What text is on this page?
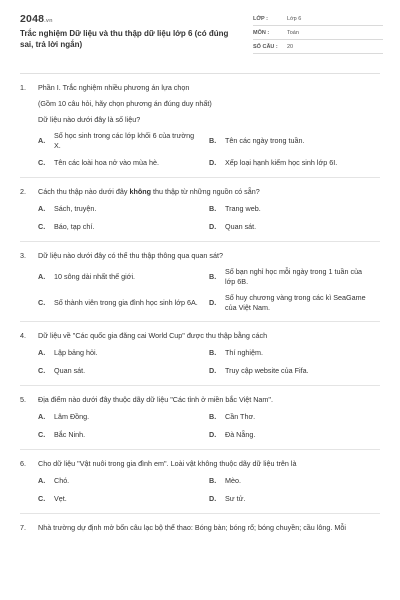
2048.vn
Trắc nghiệm Dữ liệu và thu thập dữ liệu lớp 6 (có đúng sai, trả lời ngắn)
LỚP :	Lớp 6
MÔN :	Toán
SỐ CÂU :	20
1.	Phần I. Trắc nghiệm nhiều phương án lựa chọn
(Gồm 10 câu hỏi, hãy chọn phương án đúng duy nhất)
Dữ liệu nào dưới đây là số liệu?
A.
Số học sinh trong các lớp khối 6 của trường X.
B.	Tên các ngày trong tuần.
C.	Tên các loài hoa nở vào mùa hè.	D.	Xếp loại hạnh kiểm học sinh lớp 6I.
2.	Cách thu thập nào dưới đây không thu thập từ những nguồn có sẵn?
A.	Sách, truyện.	B.	Trang web.
C.	Báo, tạp chí.	D.	Quan sát.
3.	Dữ liệu nào dưới đây có thể thu thập thông qua quan sát?
A.	10 sông dài nhất thế giới.	B.
Số bạn nghỉ học mỗi ngày trong 1 tuần của lớp 6B.
C.	Số thành viên trong gia đình học sinh lớp 6A.	D.
Số huy chương vàng trong các kì SeaGame của Việt Nam.
4.	Dữ liệu về "Các quốc gia đăng cai World Cup" được thu thập bằng cách
A.	Lập bảng hỏi.	B.	Thí nghiệm.
C.	Quan sát.	D.	Truy cập website của Fifa.
5.	Địa điểm nào dưới đây thuộc dãy dữ liệu "Các tỉnh ở miền bắc Việt Nam".
A.	Lâm Đồng.	B.	Cần Thơ.
C.	Bắc Ninh.	D.	Đà Nẵng.
6.	Cho dữ liệu "Vật nuôi trong gia đình em". Loài vật không thuộc dãy dữ liệu trên là
A.	Chó.	B.	Mèo.
C.	Vẹt.	D.	Sư tử.
7.	Nhà trường dự định mở bốn câu lạc bộ thể thao: Bóng bàn; bóng rổ; bóng chuyền; cầu lông. Mỗi
